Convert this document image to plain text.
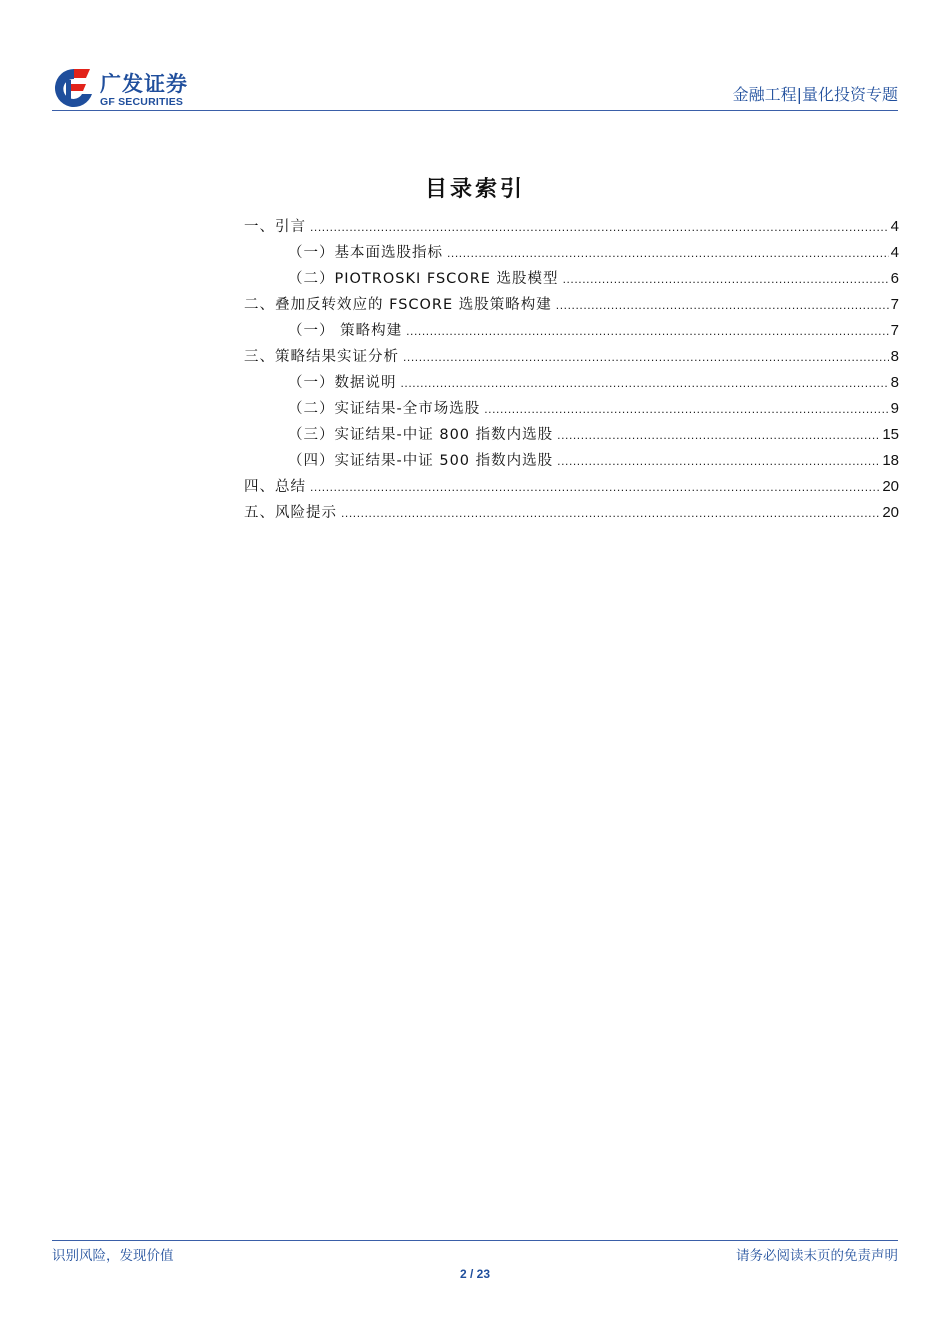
广发证券
GF SECURITIES	金融工程|量化投资专题
目录索引
一、引言 .....	4
（一）基本面选股指标 .....	4
（二）PIOTROSKI FSCORE 选股模型 .....	6
二、叠加反转效应的 FSCORE 选股策略构建 .....	7
（一） 策略构建 .....	7
三、策略结果实证分析 .....	8
（一）数据说明 .....	8
（二）实证结果-全市场选股 .....	9
（三）实证结果-中证 800 指数内选股 .....	15
（四）实证结果-中证 500 指数内选股 .....	18
四、总结 .....	20
五、风险提示 .....	20
识别风险，发现价值	请务必阅读末页的免责声明
2 / 23
